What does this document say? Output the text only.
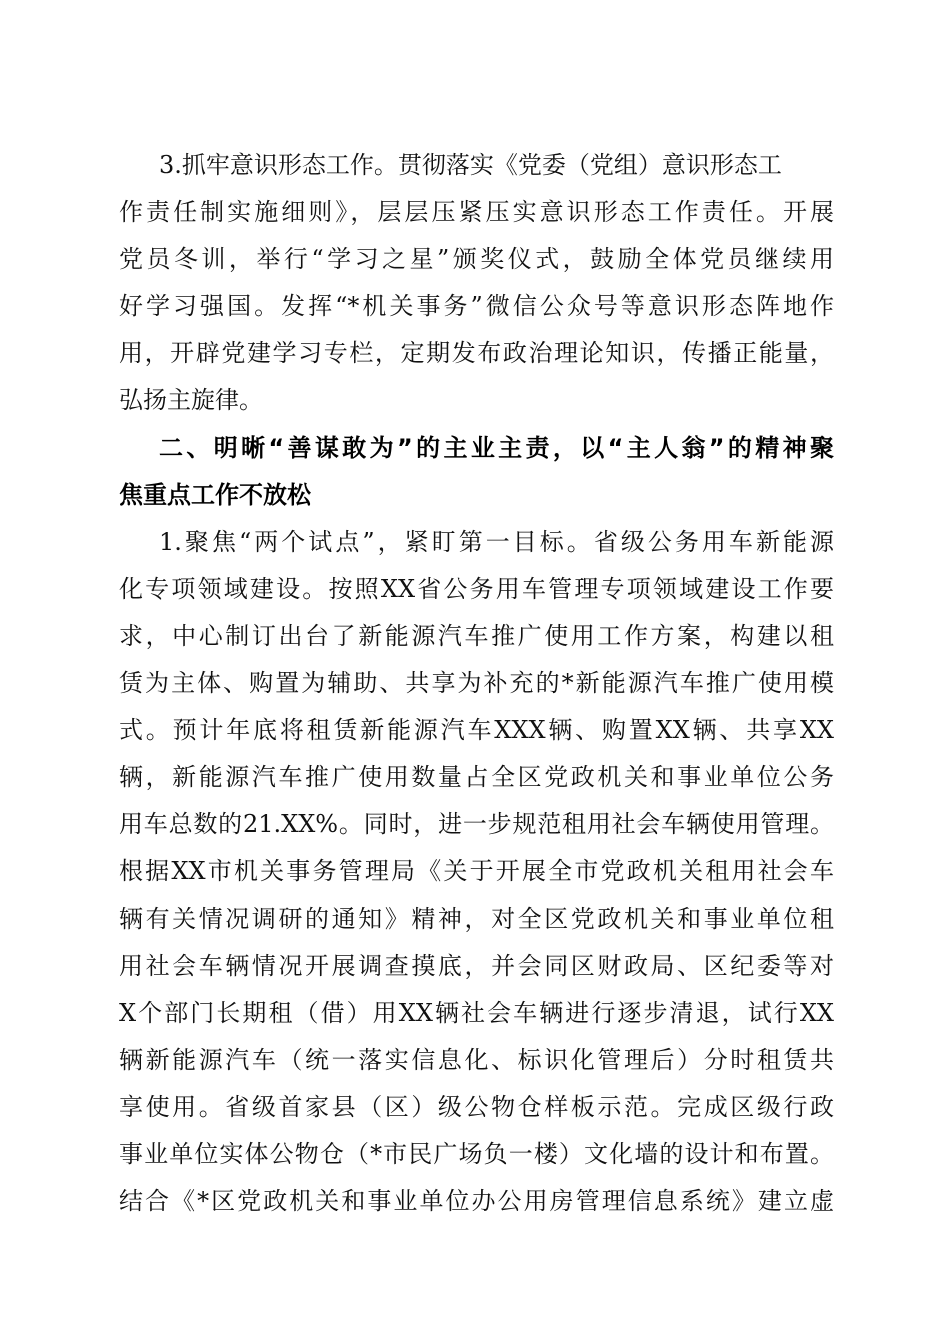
3.抓牢意识形态工作。贯彻落实《党委（党组）意识形态工
作责任制实施细则》，层层压紧压实意识形态工作责任。开展
党员冬训，举行“学习之星”颁奖仪式，鼓励全体党员继续用
好学习强国。发挥“*机关事务”微信公众号等意识形态阵地作
用，开辟党建学习专栏，定期发布政治理论知识，传播正能量，
弘扬主旋律。
二、明晰“善谋敢为”的主业主责，以“主人翁”的精神聚
焦重点工作不放松
1.聚焦“两个试点”，紧盯第一目标。省级公务用车新能源
化专项领域建设。按照XX省公务用车管理专项领域建设工作要
求，中心制订出台了新能源汽车推广使用工作方案，构建以租
赁为主体、购置为辅助、共享为补充的*新能源汽车推广使用模
式。预计年底将租赁新能源汽车XXX辆、购置XX辆、共享XX
辆，新能源汽车推广使用数量占全区党政机关和事业单位公务
用车总数的21.XX%。同时，进一步规范租用社会车辆使用管理。
根据XX市机关事务管理局《关于开展全市党政机关租用社会车
辆有关情况调研的通知》精神，对全区党政机关和事业单位租
用社会车辆情况开展调查摸底，并会同区财政局、区纪委等对
X个部门长期租（借）用XX辆社会车辆进行逐步清退，试行XX
辆新能源汽车（统一落实信息化、标识化管理后）分时租赁共
享使用。省级首家县（区）级公物仓样板示范。完成区级行政
事业单位实体公物仓（*市民广场负一楼）文化墙的设计和布置。
结合《*区党政机关和事业单位办公用房管理信息系统》建立虚
